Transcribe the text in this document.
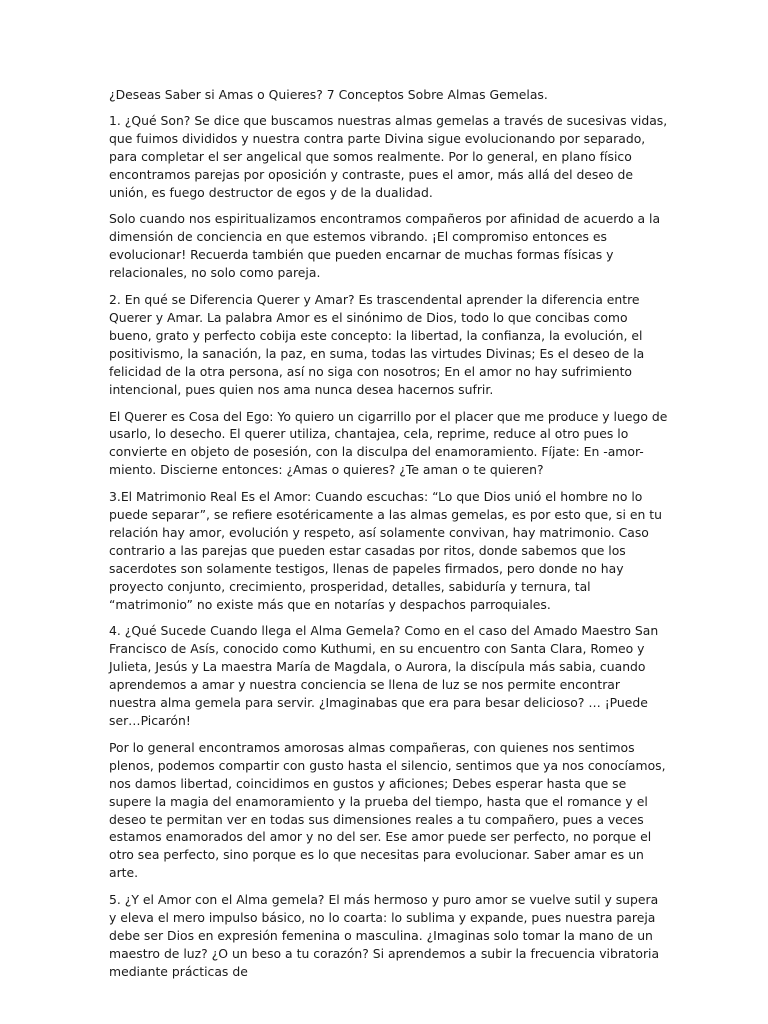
¿Deseas Saber si Amas o Quieres? 7 Conceptos Sobre Almas Gemelas.

1. ¿Qué Son? Se dice que buscamos nuestras almas gemelas a través de sucesivas vidas, que fuimos divididos y nuestra contra parte Divina sigue evolucionando por separado, para completar el ser angelical que somos realmente. Por lo general, en plano físico encontramos parejas por oposición y contraste, pues el amor, más allá del deseo de unión, es fuego destructor de egos y de la dualidad.

Solo cuando nos espiritualizamos encontramos compañeros por afinidad de acuerdo a la dimensión de conciencia en que estemos vibrando. ¡El compromiso entonces es evolucionar! Recuerda también que pueden encarnar de muchas formas físicas y relacionales, no solo como pareja.

2. En qué se Diferencia Querer y Amar? Es trascendental aprender la diferencia entre Querer y Amar. La palabra Amor es el sinónimo de Dios, todo lo que concibas como bueno, grato y perfecto cobija este concepto: la libertad, la confianza, la evolución, el positivismo, la sanación, la paz, en suma, todas las virtudes Divinas; Es el deseo de la felicidad de la otra persona, así no siga con nosotros; En el amor no hay sufrimiento intencional, pues quien nos ama nunca desea hacernos sufrir.

El Querer es Cosa del Ego: Yo quiero un cigarrillo por el placer que me produce y luego de usarlo, lo desecho. El querer utiliza, chantajea, cela, reprime, reduce al otro pues lo convierte en objeto de posesión, con la disculpa del enamoramiento. Fíjate: En -amor-miento. Discierne entonces: ¿Amas o quieres? ¿Te aman o te quieren?

3.El Matrimonio Real Es el Amor: Cuando escuchas: “Lo que Dios unió el hombre no lo puede separar”, se refiere esotéricamente a las almas gemelas, es por esto que, si en tu relación hay amor, evolución y respeto, así solamente convivan, hay matrimonio. Caso contrario a las parejas que pueden estar casadas por ritos, donde sabemos que los sacerdotes son solamente testigos, llenas de papeles firmados, pero donde no hay proyecto conjunto, crecimiento, prosperidad, detalles, sabiduría y ternura, tal “matrimonio” no existe más que en notarías y despachos parroquiales.

4. ¿Qué Sucede Cuando llega el Alma Gemela? Como en el caso del Amado Maestro San Francisco de Asís, conocido como Kuthumi, en su encuentro con Santa Clara, Romeo y Julieta, Jesús y La maestra María de Magdala, o Aurora, la discípula más sabia, cuando aprendemos a amar y nuestra conciencia se llena de luz se nos permite encontrar nuestra alma gemela para servir. ¿Imaginabas que era para besar delicioso? … ¡Puede ser…Picarón!

Por lo general encontramos amorosas almas compañeras, con quienes nos sentimos plenos, podemos compartir con gusto hasta el silencio, sentimos que ya nos conocíamos, nos damos libertad, coincidimos en gustos y aficiones; Debes esperar hasta que se supere la magia del enamoramiento y la prueba del tiempo, hasta que el romance y el deseo te permitan ver en todas sus dimensiones reales a tu compañero, pues a veces estamos enamorados del amor y no del ser. Ese amor puede ser perfecto, no porque el otro sea perfecto, sino porque es lo que necesitas para evolucionar. Saber amar es un arte.

5. ¿Y el Amor con el Alma gemela? El más hermoso y puro amor se vuelve sutil y supera y eleva el mero impulso básico, no lo coarta: lo sublima y expande, pues nuestra pareja debe ser Dios en expresión femenina o masculina. ¿Imaginas solo tomar la mano de un maestro de luz? ¿O un beso a tu corazón? Si aprendemos a subir la frecuencia vibratoria mediante prácticas de
